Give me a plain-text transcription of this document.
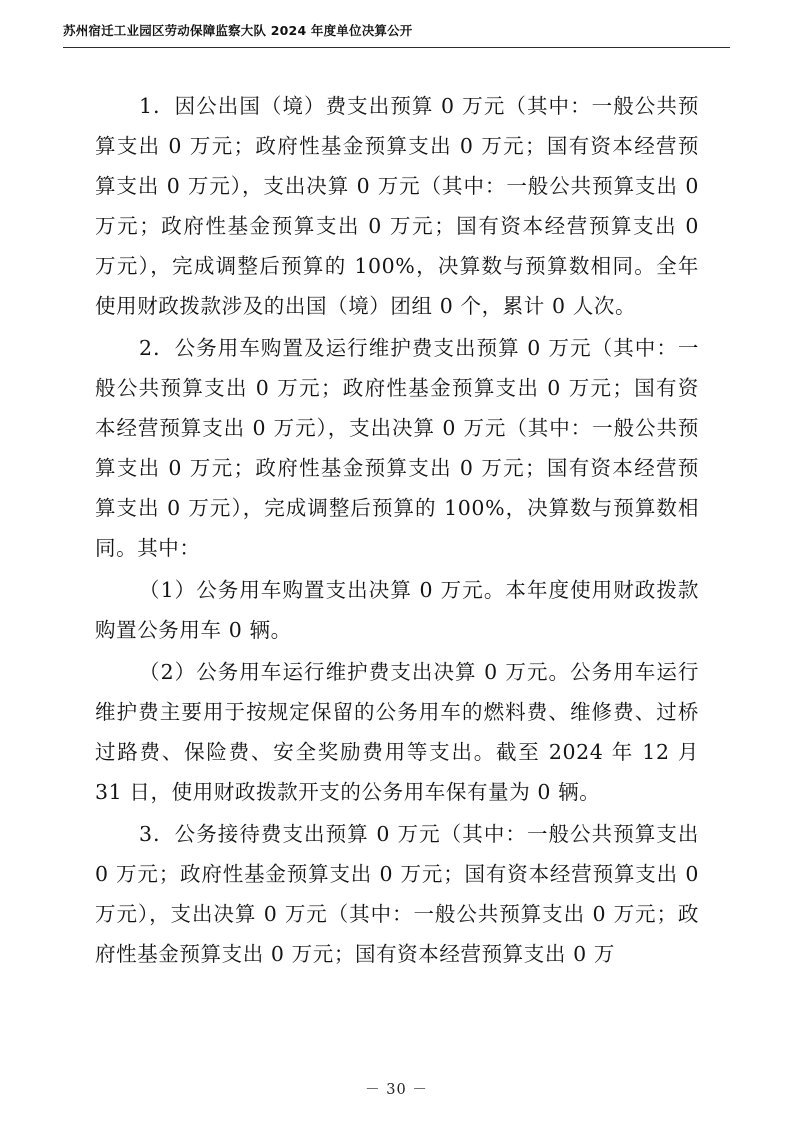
苏州宿迁工业园区劳动保障监察大队 2024 年度单位决算公开

1．因公出国（境）费支出预算 0 万元（其中：一般公共预算支出 0 万元；政府性基金预算支出 0 万元；国有资本经营预算支出 0 万元），支出决算 0 万元（其中：一般公共预算支出 0 万元；政府性基金预算支出 0 万元；国有资本经营预算支出 0 万元），完成调整后预算的 100%，决算数与预算数相同。全年使用财政拨款涉及的出国（境）团组 0 个，累计 0 人次。

2．公务用车购置及运行维护费支出预算 0 万元（其中：一般公共预算支出 0 万元；政府性基金预算支出 0 万元；国有资本经营预算支出 0 万元），支出决算 0 万元（其中：一般公共预算支出 0 万元；政府性基金预算支出 0 万元；国有资本经营预算支出 0 万元），完成调整后预算的 100%，决算数与预算数相同。其中：

（1）公务用车购置支出决算 0 万元。本年度使用财政拨款购置公务用车 0 辆。

（2）公务用车运行维护费支出决算 0 万元。公务用车运行维护费主要用于按规定保留的公务用车的燃料费、维修费、过桥过路费、保险费、安全奖励费用等支出。截至 2024 年 12 月 31 日，使用财政拨款开支的公务用车保有量为 0 辆。

3．公务接待费支出预算 0 万元（其中：一般公共预算支出 0 万元；政府性基金预算支出 0 万元；国有资本经营预算支出 0 万元），支出决算 0 万元（其中：一般公共预算支出 0 万元；政府性基金预算支出 0 万元；国有资本经营预算支出 0 万

－ 30 －
